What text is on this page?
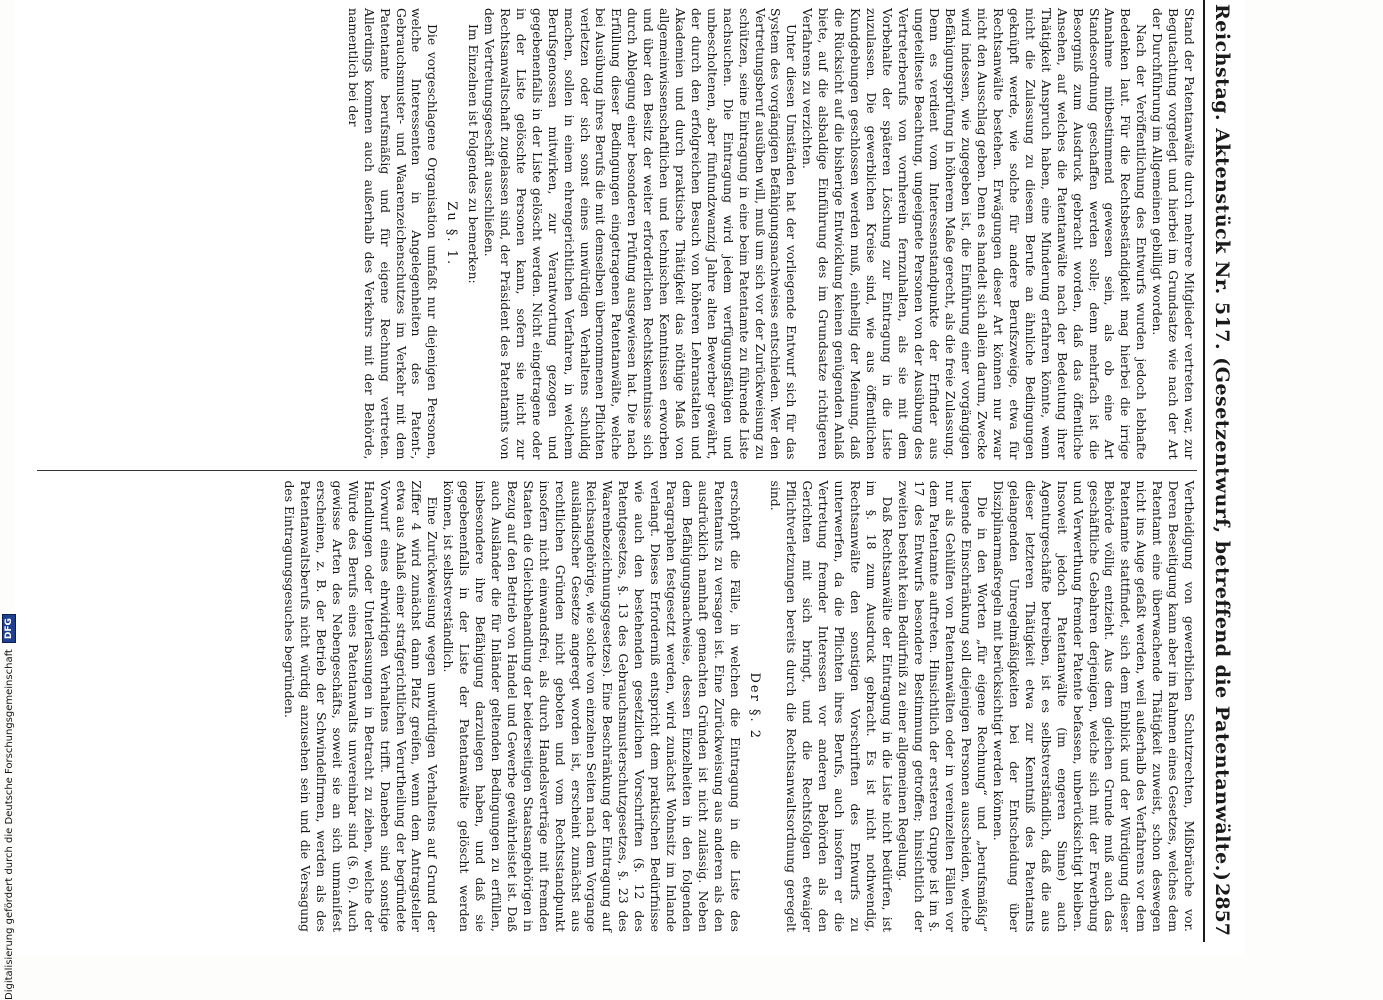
Reichstag. Aktenstück Nr. 517. (Gesetzentwurf, betreffend die Patentanwälte.)
2857

Stand der Patentanwälte durch mehrere Mitglieder vertreten war, zur Begutachtung vorgelegt und hierbei im Grundsatze wie nach der Art der Durchführung im Allgemeinen gebilligt worden.

Nach der Veröffentlichung des Entwurfs wurden jedoch lebhafte Bedenken laut. Für die Rechtsbeständigkeit mag hierbei die irrige Annahme mitbestimmend gewesen sein, als ob eine Art Standesordnung geschaffen werden solle; denn mehrfach ist die Besorgniß zum Ausdruck gebracht worden, daß das öffentliche Ansehen, auf welches die Patentanwälte nach der Bedeutung ihrer Thätigkeit Anspruch haben, eine Minderung erfahren könnte, wenn nicht die Zulassung zu diesem Berufe an ähnliche Bedingungen geknüpft werde, wie solche für andere Berufszweige, etwa für Rechtsanwälte bestehen. Erwägungen dieser Art können nur zwar nicht den Ausschlag geben. Denn es handelt sich allein darum, Zwecke wird indessen, wie zugegeben ist, die Einführung einer vorgängigen Befähigungsprüfung in höherem Maße gerecht, als die freie Zulassung. Denn es verdient vom Interessenstandpunkte der Erfinder aus ungeteilteste Beachtung, ungeeignete Personen von der Ausübung des Vertreterberufs von vornherein fernzuhalten, als sie mit dem Vorbehalte der späteren Löschung zur Eintragung in die Liste zuzulassen. Die gewerblichen Kreise sind, wie aus öffentlichen Kundgebungen geschlossen werden muß, einhellig der Meinung, daß die Rücksicht auf die bisherige Entwicklung keinen genügenden Anlaß biete, auf die alsbaldige Einführung des im Grundsatze richtigeren Verfahrens zu verzichten.

Unter diesen Umständen hat der vorliegende Entwurf sich für das System des vorgängigen Befähigungsnachweises entschieden. Wer den Vertretungsberuf ausüben will, muß um sich vor der Zurückweisung zu schützen, seine Eintragung in eine beim Patentamte zu führende Liste nachsuchen. Die Eintragung wird jedem verfügungsfähigen und unbescholtenen, aber fünfundzwanzig Jahre alten Bewerber gewährt, der durch den erfolgreichen Besuch von höheren Lehranstalten und Akademien und durch praktische Thätigkeit das nöthige Maß von allgemeinwissenschaftlichen und technischen Kenntnissen erworben und über den Besitz der weiter erforderlichen Rechtskenntnisse sich durch Ablegung einer besonderen Prüfung ausgewiesen hat. Die nach Erfüllung dieser Bedingungen eingetragenen Patentanwälte, welche bei Ausübung ihres Berufs die mit demselben übernommenen Pflichten verletzen oder sich sonst eines unwürdigen Verhaltens schuldig machen, sollen in einem ehrengerichtlichen Verfahren, in welchem Berufsgenossen mitwirken, zur Verantwortung gezogen und gegebenenfalls in der Liste gelöscht werden. Nicht eingetragene oder in der Liste gelöschte Personen kann, sofern sie nicht zur Rechtsanwaltschaft zugelassen sind, der Präsident des Patentamts von dem Vertretungsgeschäft ausschließen.

Im Einzelnen ist Folgendes zu bemerken:

Zu §. 1.

Die vorgeschlagene Organisation umfaßt nur diejenigen Personen, welche Interessenten in Angelegenheiten des Patent-, Gebrauchsmuster- und Waarenzeichenschutzes im Verkehr mit dem Patentamte berufsmäßig und für eigene Rechnung vertreten. Allerdings kommen auch außerhalb des Verkehrs mit der Behörde, namentlich bei der

Vertheidigung von gewerblichen Schutzrechten, Mißbräuche vor. Deren Beseitigung kann aber im Rahmen eines Gesetzes, welches dem Patentamt eine überwachende Thätigkeit zuweist, schon deswegen nicht ins Auge gefaßt werden, weil außerhalb des Verfahrens vor dem Patentamte stattfindet, sich dem Einblick und der Würdigung dieser Behörde völlig entzieht. Aus dem gleichen Grunde muß auch das geschäftliche Gebahren derjenigen, welche sich mit der Erwerbung und Verwerthung fremder Patente befassen, unberücksichtigt bleiben. Insoweit jedoch Patentanwälte (im engeren Sinne) auch Agenturgeschäfte betreiben, ist es selbstverständlich, daß die aus dieser letzteren Thätigkeit etwa zur Kenntniß des Patentamts gelangenden Unregelmäßigkeiten bei der Entscheidung über Disziplinarmaßregeln mit berücksichtigt werden können.

Die in den Worten „für eigene Rechnung“ und „berufsmäßig“ liegende Einschränkung soll diejenigen Personen ausscheiden, welche nur als Gehülfen von Patentanwälten oder in vereinzelten Fällen vor dem Patentamte auftreten. Hinsichtlich der ersteren Gruppe ist im §. 17 des Entwurfs besondere Bestimmung getroffen; hinsichtlich der zweiten besteht kein Bedürfniß zu einer allgemeinen Regelung.

Daß Rechtsanwälte der Eintragung in die Liste nicht bedürfen, ist im §. 18 zum Ausdruck gebracht. Es ist nicht nothwendig, Rechtsanwälte den sonstigen Vorschriften des Entwurfs zu unterwerfen, da die Pflichten ihres Berufs, auch insofern er die Vertretung fremder Interessen vor anderen Behörden als den Gerichten mit sich bringt, und die Rechtsfolgen etwaiger Pflichtverletzungen bereits durch die Rechtsanwaltsordnung geregelt sind.

Der §. 2

erschöpft die Fälle, in welchen die Eintragung in die Liste des Patentamts zu versagen ist. Eine Zurückweisung aus anderen als den ausdrücklich namhaft gemachten Gründen ist nicht zulässig. Neben dem Befähigungsnachweise, dessen Einzelheiten in den folgenden Paragraphen festgesetzt werden, wird zunächst Wohnsitz im Inlande verlangt. Dieses Erforderniß entspricht dem praktischen Bedürfnisse wie auch den bestehenden gesetzlichen Vorschriften (§. 12 des Patentgesetzes, §. 13 des Gebrauchsmusterschutzgesetzes, §. 23 des Waarenbezeichnungsgesetzes). Eine Beschränkung der Eintragung auf Reichsangehörige, wie solche von einzelnen Seiten nach dem Vorgange ausländischer Gesetze angeregt worden ist, erscheint zunächst aus rechtlichen Gründen nicht geboten und vom Rechtsstandpunkt insofern nicht einwandsfrei, als durch Handelsverträge mit fremden Staaten die Gleichbehandlung der beiderseitigen Staatsangehörigen in Bezug auf den Betrieb von Handel und Gewerbe gewährleistet ist. Daß auch Ausländer die für Inländer geltenden Bedingungen zu erfüllen, insbesondere ihre Befähigung darzulegen haben, und daß sie gegebenenfalls in der Liste der Patentanwälte gelöscht werden können, ist selbstverständlich.

Eine Zurückweisung wegen unwürdigen Verhaltens auf Grund der Ziffer 4 wird zunächst dann Platz greifen, wenn dem Antragsteller etwa aus Anlaß einer strafgerichtlichen Verurtheilung der begründete Vorwurf eines ehrwidrigen Verhaltens trifft. Daneben sind sonstige Handlungen oder Unterlassungen in Betracht zu ziehen, welche der Würde des Berufs eines Patentanwalts unvereinbar sind (§. 6). Auch gewisse Arten des Nebengeschäfts, soweit sie an sich unmanifest erscheinen, z. B. der Betrieb der Schwindelfirmen, werden als des Patentanwaltsberufs nicht würdig anzusehen sein und die Versagung des Eintragungsgesuches begründen.

Digitalisierung gefördert durch die Deutsche Forschungsgemeinschaft
DFG
